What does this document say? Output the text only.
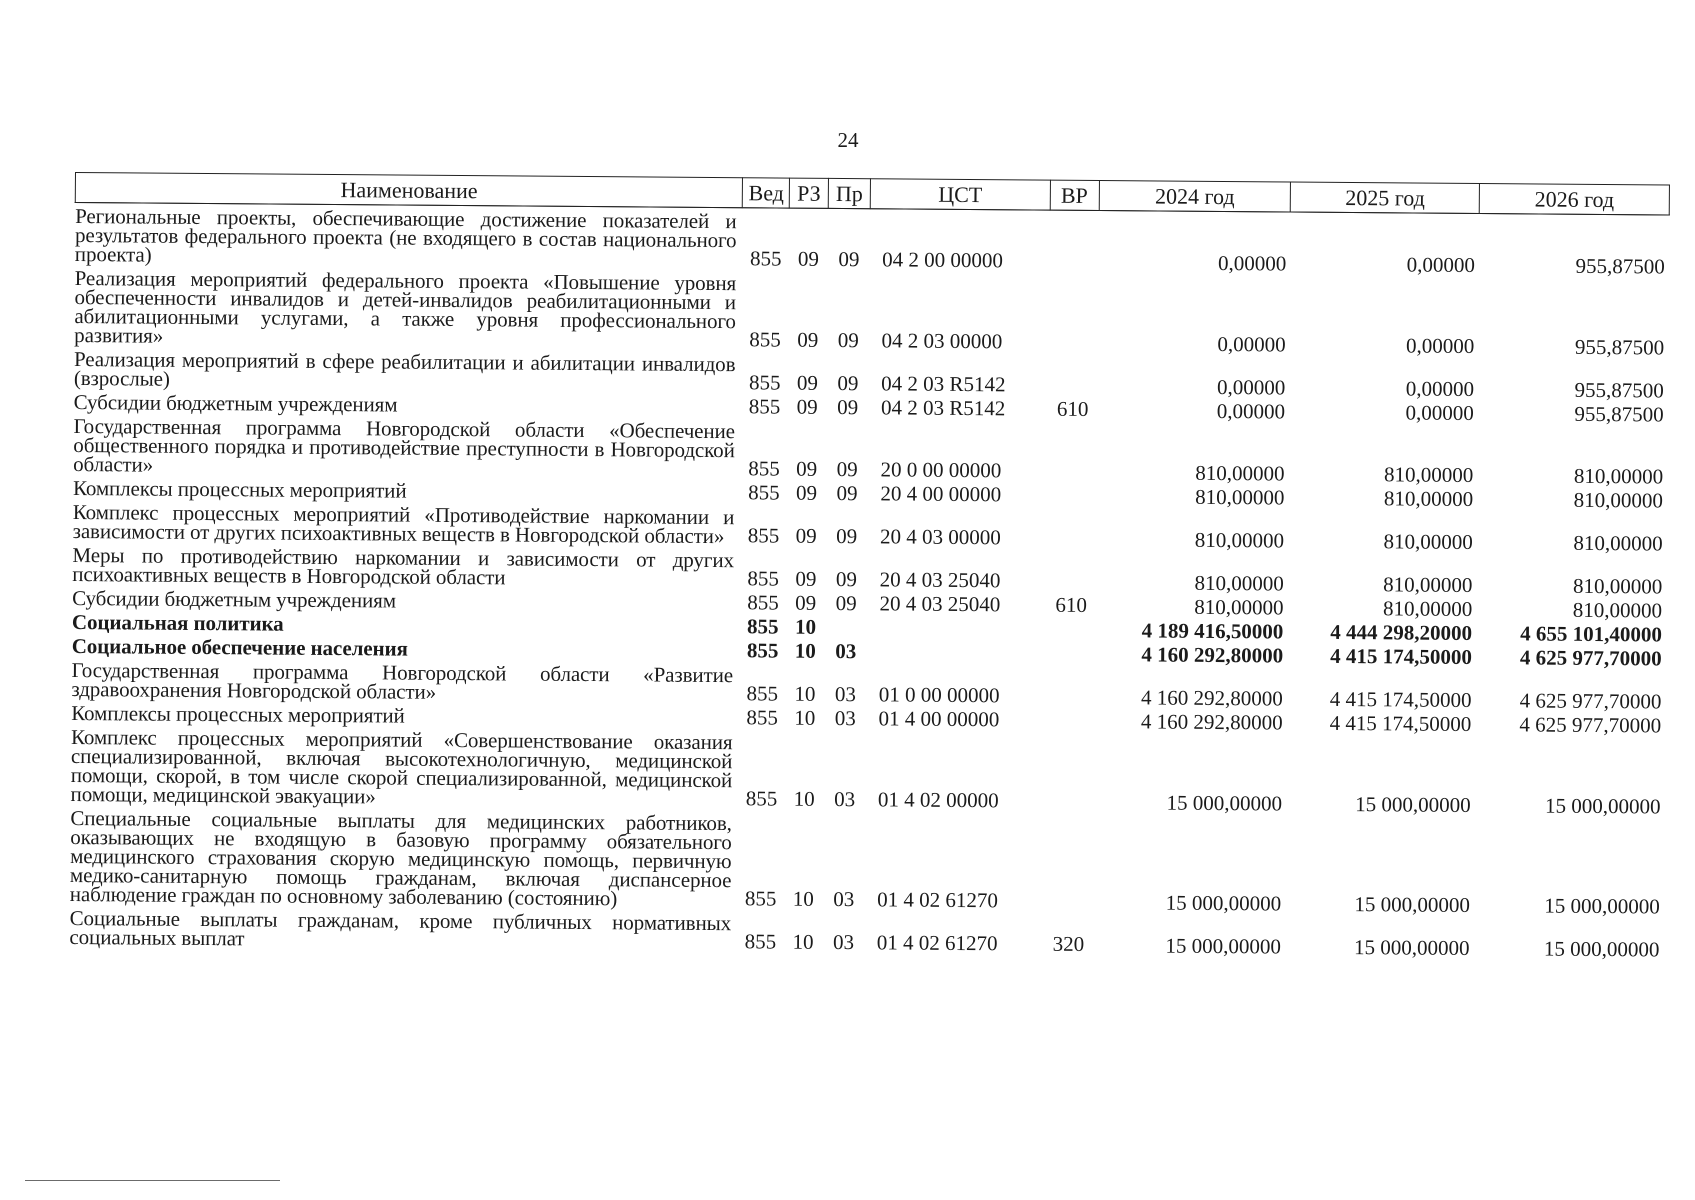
24
Наименование	Вед	РЗ	Пр	ЦСТ	ВР	2024 год	2025 год	2026 год
Региональные проекты, обеспечивающие достижение показателей и результатов федерального проекта (не входящего в состав национального проекта)	855	09	09	04 2 00 00000		0,00000	0,00000	955,87500
Реализация мероприятий федерального проекта «Повышение уровня обеспеченности инвалидов и детей-инвалидов реабилитационными и абилитационными услугами, а также уровня профессионального развития»	855	09	09	04 2 03 00000		0,00000	0,00000	955,87500
Реализация мероприятий в сфере реабилитации и абилитации инвалидов (взрослые)	855	09	09	04 2 03 R5142		0,00000	0,00000	955,87500
Субсидии бюджетным учреждениям	855	09	09	04 2 03 R5142	610	0,00000	0,00000	955,87500
Государственная программа Новгородской области «Обеспечение общественного порядка и противодействие преступности в Новгородской области»	855	09	09	20 0 00 00000		810,00000	810,00000	810,00000
Комплексы процессных мероприятий	855	09	09	20 4 00 00000		810,00000	810,00000	810,00000
Комплекс процессных мероприятий «Противодействие наркомании и зависимости от других психоактивных веществ в Новгородской области»	855	09	09	20 4 03 00000		810,00000	810,00000	810,00000
Меры по противодействию наркомании и зависимости от других психоактивных веществ в Новгородской области	855	09	09	20 4 03 25040		810,00000	810,00000	810,00000
Субсидии бюджетным учреждениям	855	09	09	20 4 03 25040	610	810,00000	810,00000	810,00000
Социальная политика	855	10				4 189 416,50000	4 444 298,20000	4 655 101,40000
Социальное обеспечение населения	855	10	03			4 160 292,80000	4 415 174,50000	4 625 977,70000
Государственная программа Новгородской области «Развитие здравоохранения Новгородской области»	855	10	03	01 0 00 00000		4 160 292,80000	4 415 174,50000	4 625 977,70000
Комплексы процессных мероприятий	855	10	03	01 4 00 00000		4 160 292,80000	4 415 174,50000	4 625 977,70000
Комплекс процессных мероприятий «Совершенствование оказания специализированной, включая высокотехнологичную, медицинской помощи, скорой, в том числе скорой специализированной, медицинской помощи, медицинской эвакуации»	855	10	03	01 4 02 00000		15 000,00000	15 000,00000	15 000,00000
Специальные социальные выплаты для медицинских работников, оказывающих не входящую в базовую программу обязательного медицинского страхования скорую медицинскую помощь, первичную медико-санитарную помощь гражданам, включая диспансерное наблюдение граждан по основному заболеванию (состоянию)	855	10	03	01 4 02 61270		15 000,00000	15 000,00000	15 000,00000
Социальные выплаты гражданам, кроме публичных нормативных социальных выплат	855	10	03	01 4 02 61270	320	15 000,00000	15 000,00000	15 000,00000
